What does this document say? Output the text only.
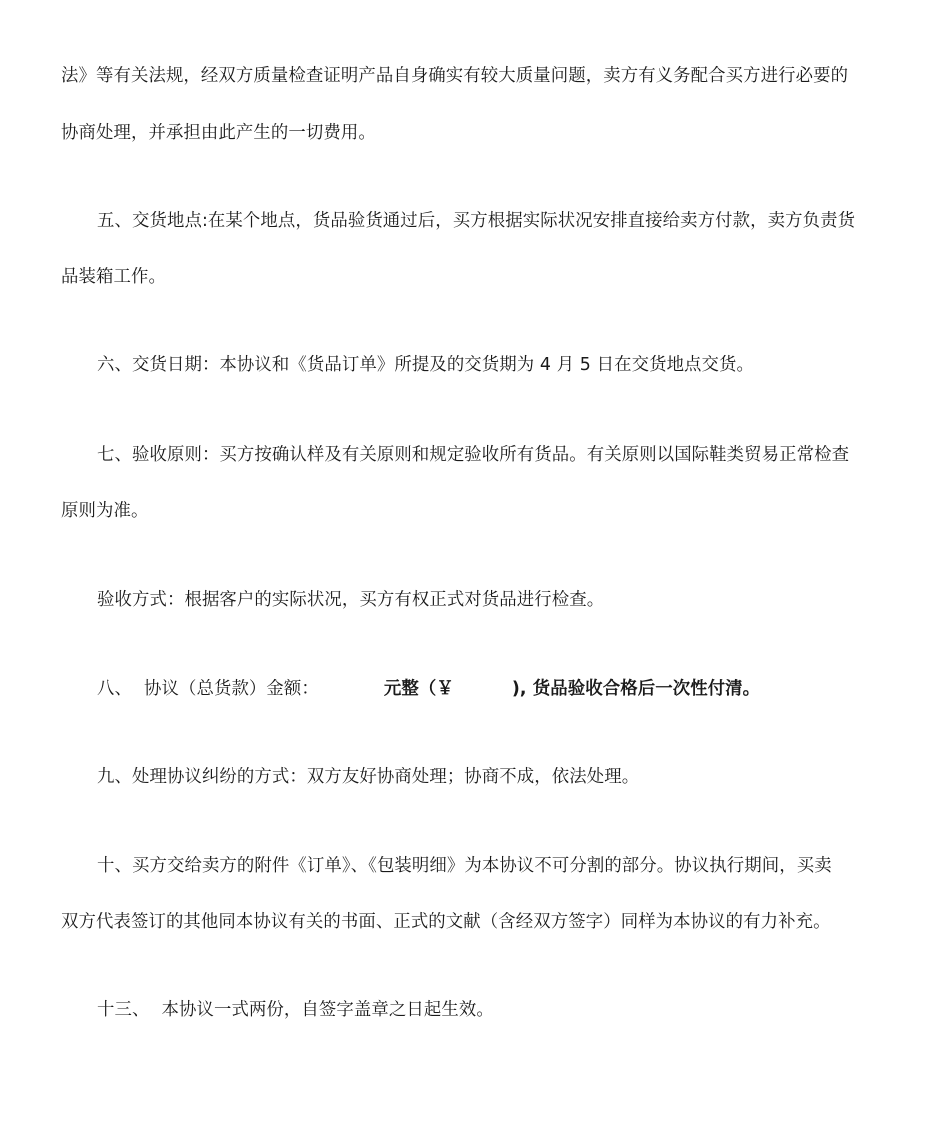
法》等有关法规，经双方质量检查证明产品自身确实有较大质量问题，卖方有义务配合买方进行必要的
协商处理，并承担由此产生的一切费用。
五、交货地点:在某个地点，货品验货通过后，买方根据实际状况安排直接给卖方付款，卖方负责货
品装箱工作。
六、交货日期：本协议和《货品订单》所提及的交货期为 4 月 5 日在交货地点交货。
七、验收原则：买方按确认样及有关原则和规定验收所有货品。有关原则以国际鞋类贸易正常检查
原则为准。
验收方式：根据客户的实际状况，买方有权正式对货品进行检查。
八、 协议（总货款）金额：	元整（￥	), 货品验收合格后一次性付清。
九、处理协议纠纷的方式：双方友好协商处理；协商不成，依法处理。
十、买方交给卖方的附件《订单》、《包装明细》为本协议不可分割的部分。协议执行期间，买卖
双方代表签订的其他同本协议有关的书面、正式的文献（含经双方签字）同样为本协议的有力补充。
十三、 本协议一式两份，自签字盖章之日起生效。
